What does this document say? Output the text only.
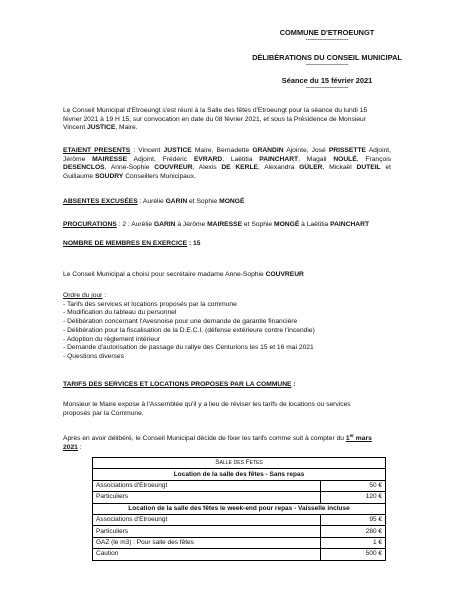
COMMUNE D'ETROEUNGT
-------------------------
DÉLIBÉRATIONS DU CONSEIL MUNICIPAL
-------------------------
Séance du 15 février 2021
-------------------------
Le Conseil Municipal d'Etroeungt s'est réuni à la Salle des fêtes d'Etroeungt pour la séance du lundi 15
février 2021 à 19 H 15, sur convocation en date du 08 février 2021, et sous la Présidence de Monsieur
Vincent JUSTICE, Maire.
ETAIENT PRESENTS : Vincent JUSTICE Maire, Bernadette GRANDIN Ajointe, José PRISSETTE Adjoint, Jérôme MAIRESSE Adjoint, Frédéric EVRARD, Laëtitia PAINCHART, Magali NOULÉ, François DESENCLOS, Anne-Sophie COUVREUR, Alexis DE KERLE, Alexandra GÜLER, Mickaël DUTEIL et Guillaume SOUDRY Conseillers Municipaux.
ABSENTES EXCUSÉES : Aurélie GARIN et Sophie MONGÉ
PROCURATIONS : 2 : Aurélie GARIN à Jérôme MAIRESSE et Sophie MONGÉ à Laëtitia PAINCHART
NOMBRE DE MEMBRES EN EXERCICE : 15
Le Conseil Municipal a choisi pour secrétaire madame Anne-Sophie COUVREUR
Ordre du jour :
- Tarifs des services et locations proposés par la commune
- Modification du tableau du personnel
- Délibération concernant l'Avesnoise pour une demande de garantie financière
- Délibération pour la fiscalisation de la D.E.C.I. (défense extérieure contre l'incendie)
- Adoption du règlement intérieur
- Demande d'autorisation de passage du rallye des Centurions les 15 et 16 mai 2021
- Questions diverses
TARIFS DES SERVICES ET LOCATIONS PROPOSES PAR LA COMMUNE :
Monsieur le Maire expose à l'Assemblée qu'il y a lieu de réviser les tarifs de locations ou services
proposés par la Commune.
Après en avoir délibéré, le Conseil Municipal décide de fixer les tarifs comme suit à compter du 1er mars
2021 :
Salle des Fetes	
Location de la salle des fêtes - Sans repas	
Associations d'Etroeungt	50 €
Particuliers	120 €
Location de la salle des fêtes le week-end pour repas - Vaisselle incluse	
Associations d'Etroeungt	95 €
Particuliers	280 €
GAZ (le m3) : Pour salle des fêtes	1 €
Caution	500 €
